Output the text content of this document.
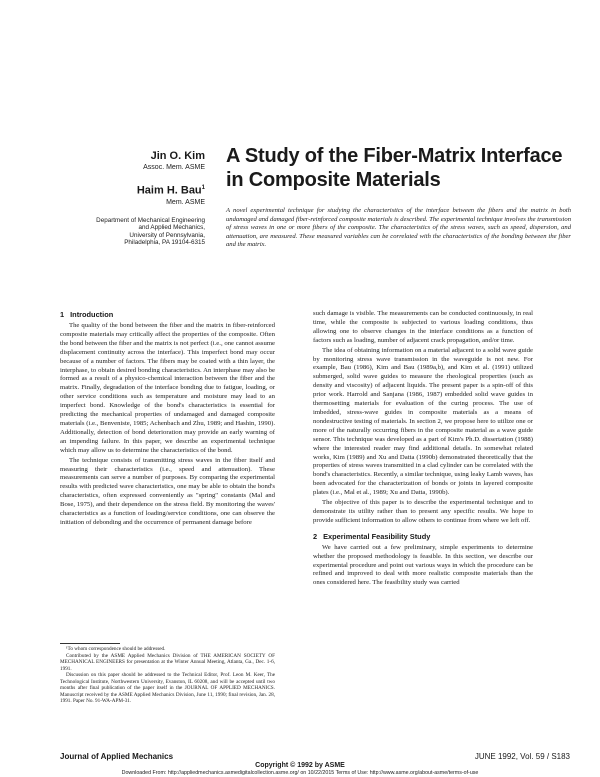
Jin O. Kim
Assoc. Mem. ASME
Haim H. Bau$^1$
Mem. ASME
Department of Mechanical Engineering
and Applied Mechanics,
University of Pennsylvania,
Philadelphia, PA 19104-6315
A Study of the Fiber-Matrix Interface in Composite Materials
A novel experimental technique for studying the characteristics of the interface between the fibers and the matrix in both undamaged and damaged fiber-reinforced composite materials is described. The experimental technique involves the transmission of stress waves in one or more fibers of the composite. The characteristics of the stress waves, such as speed, dispersion, and attenuation, are measured. These measured variables can be correlated with the characteristics of the bonding between the fiber and the matrix.
1 Introduction

The quality of the bond between the fiber and the matrix in fiber-reinforced composite materials may critically affect the properties of the composite. Often the bond between the fiber and the matrix is not perfect (i.e., one cannot assume displacement continuity across the interface). This imperfect bond may occur because of a number of factors. The fibers may be coated with a thin layer, the interphase, to obtain desired bonding characteristics. An interphase may also be formed as a result of a physico-chemical interaction between the fiber and the matrix. Finally, degradation of the interface bonding due to fatigue, loading, or other service conditions such as temperature and moisture may lead to an imperfect bond. Knowledge of the bond's characteristics is essential for predicting the mechanical properties of undamaged and damaged composite materials (i.e., Benveniste, 1985; Achenbach and Zhu, 1989; and Hashin, 1990). Additionally, detection of bond deterioration may provide an early warning of an impending failure. In this paper, we describe an experimental technique which may allow us to determine the characteristics of the bond.

The technique consists of transmitting stress waves in the fiber itself and measuring their characteristics (i.e., speed and attenuation). These measurements can serve a number of purposes. By comparing the experimental results with predicted wave characteristics, one may be able to obtain the bond's characteristics, often expressed conveniently as "spring" constants (Mal and Bose, 1975), and their dependence on the stress field. By monitoring the waves' characteristics as a function of loading/service conditions, one can observe the initiation of debonding and the occurrence of permanent damage before

such damage is visible. The measurements can be conducted continuously, in real time, while the composite is subjected to various loading conditions, thus allowing one to observe changes in the interface conditions as a function of factors such as loading, number of adjacent crack propagation, and/or time.

The idea of obtaining information on a material adjacent to a solid wave guide by monitoring stress wave transmission in the waveguide is not new. For example, Bau (1986), Kim and Bau (1989a,b), and Kim et al. (1991) utilized submerged, solid wave guides to measure the rheological properties (such as density and viscosity) of adjacent liquids. The present paper is a spin-off of this prior work. Harrold and Sanjana (1986, 1987) embedded solid wave guides in thermosetting materials for evaluation of the curing process. The use of imbedded, stress-wave guides in composite materials as a means of nondestructive testing of materials. In section 2, we propose here to utilize one or more of the naturally occurring fibers in the composite material as a wave guide sensor. This technique was developed as a part of Kim's Ph.D. dissertation (1988) where the interested reader may find additional details. In somewhat related works, Kim (1989) and Xu and Datta (1990b) demonstrated theoretically that the properties of stress waves transmitted in a clad cylinder can be correlated with the bond's characteristics. Recently, a similar technique, using leaky Lamb waves, has been advocated for the characterization of bonds or joints in layered composite plates (i.e., Mal et al., 1989; Xu and Datta, 1990b).

The objective of this paper is to describe the experimental technique and to demonstrate its utility rather than to present any specific results. We hope to provide sufficient information to allow others to continue from where we left off.

2 Experimental Feasibility Study

We have carried out a few preliminary, simple experiments to determine whether the proposed methodology is feasible. In this section, we describe our experimental procedure and point out various ways in which the procedure can be refined and improved to deal with more realistic composite materials than the ones considered here. The feasibility study was carried

¹To whom correspondence should be addressed.
Contributed by the ASME Applied Mechanics Division of THE AMERICAN SOCIETY OF MECHANICAL ENGINEERS for presentation at the Winter Annual Meeting, Atlanta, Ga., Dec. 1-6, 1991.
Discussion on this paper should be addressed to the Technical Editor, Prof. Leon M. Keer, The Technological Institute, Northwestern University, Evanston, IL 60208, and will be accepted until two months after final publication of the paper itself in the JOURNAL OF APPLIED MECHANICS. Manuscript received by the ASME Applied Mechanics Division, June 11, 1990; final revision, Jan. 28, 1991. Paper No. 91-WA-APM-31.
Journal of Applied Mechanics	JUNE 1992, Vol. 59 / S183
Copyright © 1992 by ASME
Downloaded From: http://appliedmechanics.asmedigitalcollection.asme.org/ on 10/22/2015 Terms of Use: http://www.asme.org/about-asme/terms-of-use
